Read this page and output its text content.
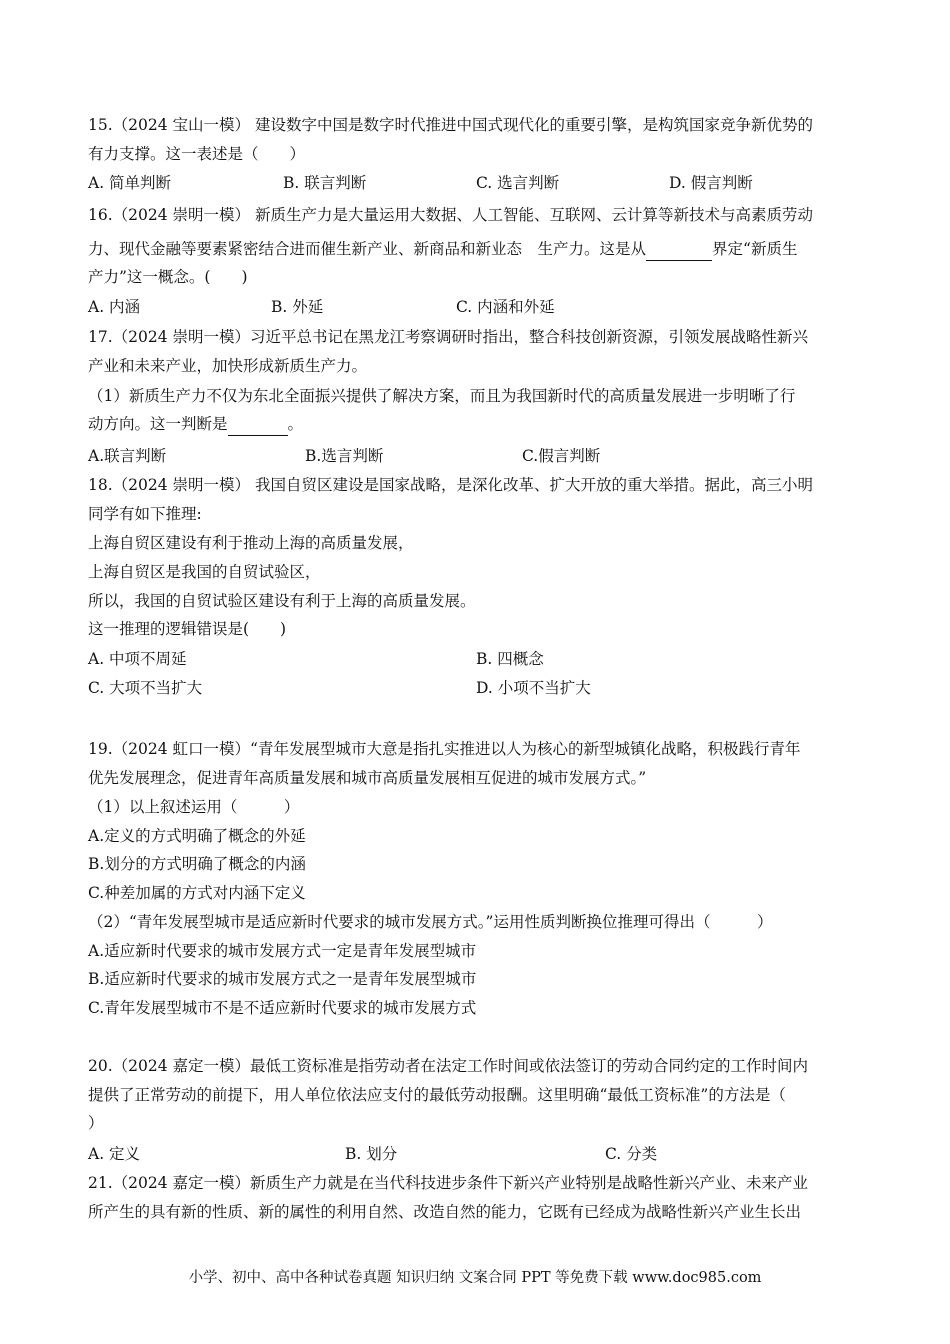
15.（2024 宝山一模） 建设数字中国是数字时代推进中国式现代化的重要引擎，是构筑国家竞争新优势的
有力支撑。这一表述是（　　）
A. 简单判断	B. 联言判断	C. 选言判断	D. 假言判断
16.（2024 崇明一模） 新质生产力是大量运用大数据、人工智能、互联网、云计算等新技术与高素质劳动
力、现代金融等要素紧密结合进而催生新产业、新商品和新业态　生产力。这是从	界定“新质生
产力”这一概念。(　　)
A. 内涵	B. 外延	C. 内涵和外延
17.（2024 崇明一模）习近平总书记在黑龙江考察调研时指出，整合科技创新资源，引领发展战略性新兴
产业和未来产业，加快形成新质生产力。
（1）新质生产力不仅为东北全面振兴提供了解决方案，而且为我国新时代的高质量发展进一步明晰了行
动方向。这一判断是	。
A.联言判断	B.选言判断	C.假言判断
18.（2024 崇明一模） 我国自贸区建设是国家战略，是深化改革、扩大开放的重大举措。据此，高三小明
同学有如下推理:
上海自贸区建设有利于推动上海的高质量发展，
上海自贸区是我国的自贸试验区，
所以，我国的自贸试验区建设有利于上海的高质量发展。
这一推理的逻辑错误是(　　)
A. 中项不周延	B. 四概念
C. 大项不当扩大	D. 小项不当扩大
19.（2024 虹口一模）“青年发展型城市大意是指扎实推进以人为核心的新型城镇化战略，积极践行青年
优先发展理念，促进青年高质量发展和城市高质量发展相互促进的城市发展方式。”
（1）以上叙述运用（　　　）
A.定义的方式明确了概念的外延
B.划分的方式明确了概念的内涵
C.种差加属的方式对内涵下定义
（2）“青年发展型城市是适应新时代要求的城市发展方式。”运用性质判断换位推理可得出（　　　）
A.适应新时代要求的城市发展方式一定是青年发展型城市
B.适应新时代要求的城市发展方式之一是青年发展型城市
C.青年发展型城市不是不适应新时代要求的城市发展方式
20.（2024 嘉定一模）最低工资标准是指劳动者在法定工作时间或依法签订的劳动合同约定的工作时间内
提供了正常劳动的前提下，用人单位依法应支付的最低劳动报酬。这里明确“最低工资标准”的方法是（
）
A. 定义	B. 划分	C. 分类
21.（2024 嘉定一模）新质生产力就是在当代科技进步条件下新兴产业特别是战略性新兴产业、未来产业
所产生的具有新的性质、新的属性的利用自然、改造自然的能力，它既有已经成为战略性新兴产业生长出
小学、初中、高中各种试卷真题 知识归纳 文案合同 PPT 等免费下载 www.doc985.com
